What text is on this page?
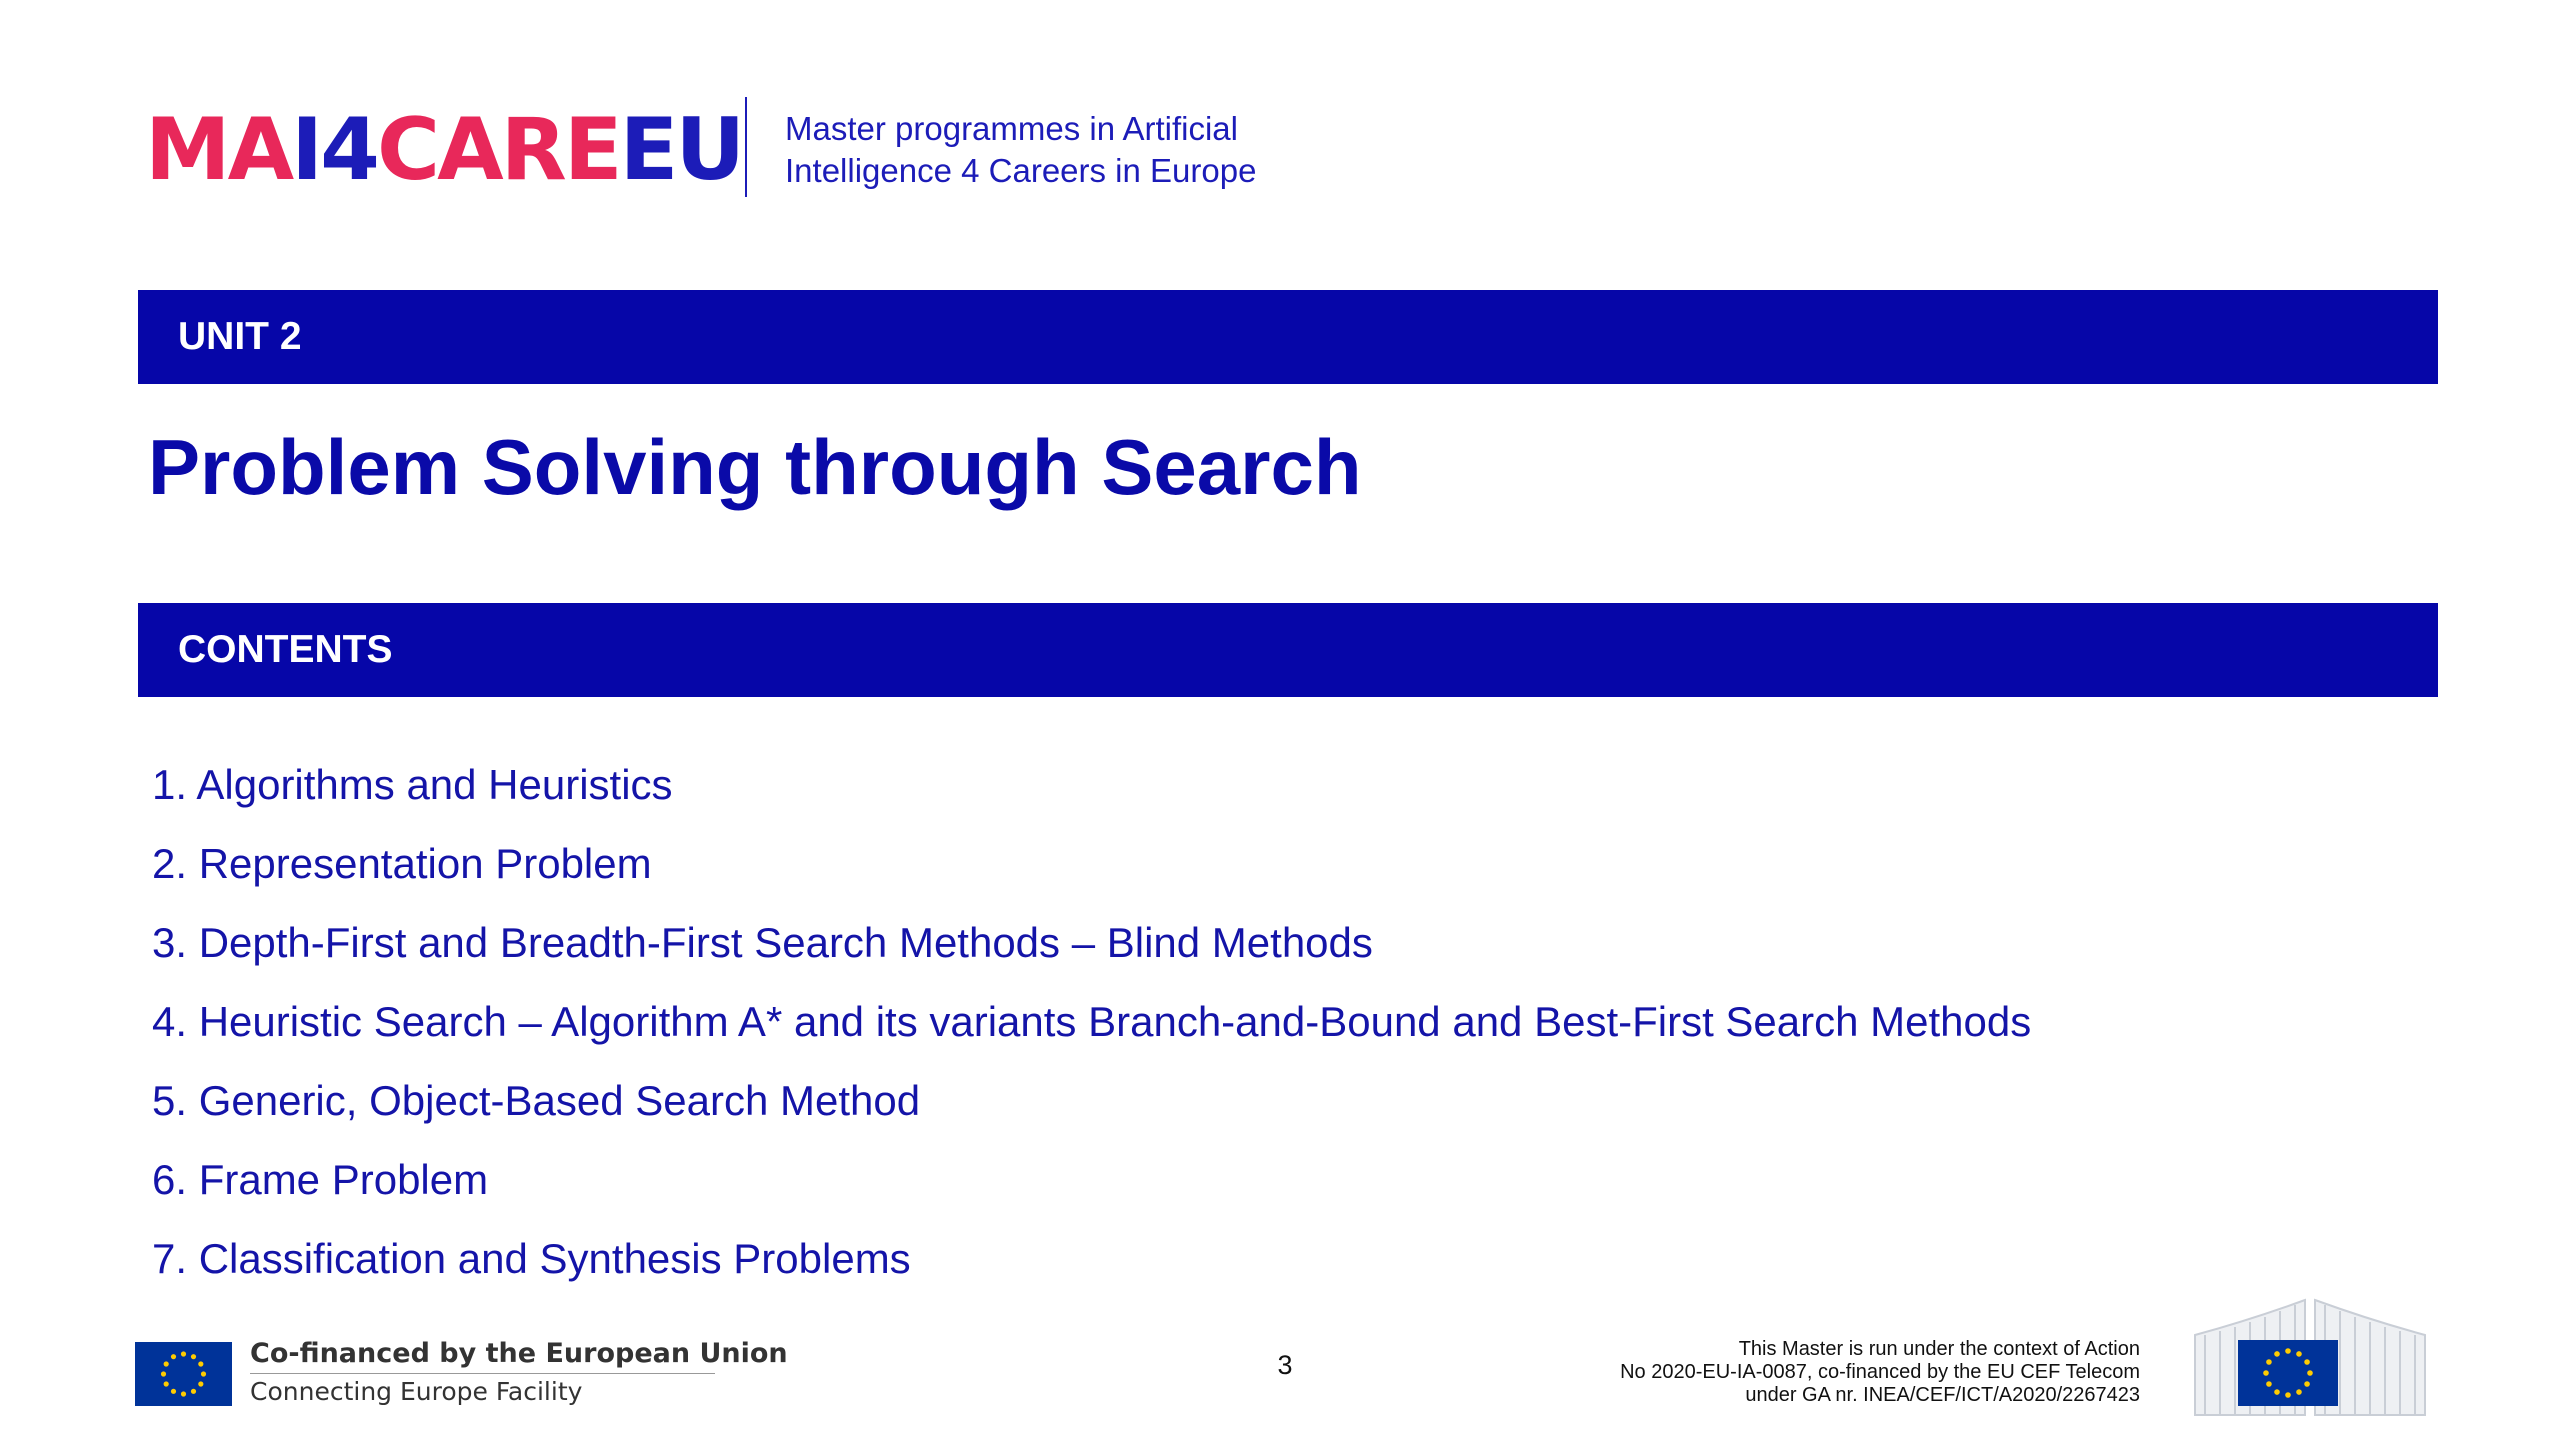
MAI4CAREEU Master programmes in Artificial
Intelligence 4 Careers in Europe
UNIT 2
Problem Solving through Search
CONTENTS
1. Algorithms and Heuristics
2. Representation Problem
3. Depth-First and Breadth-First Search Methods – Blind Methods
4. Heuristic Search – Algorithm A* and its variants Branch-and-Bound and Best-First Search Methods
5. Generic, Object-Based Search Method
6. Frame Problem
7. Classification and Synthesis Problems
Co-financed by the European Union
Connecting Europe Facility
3
This Master is run under the context of Action
No 2020-EU-IA-0087, co-financed by the EU CEF Telecom
under GA nr. INEA/CEF/ICT/A2020/2267423
